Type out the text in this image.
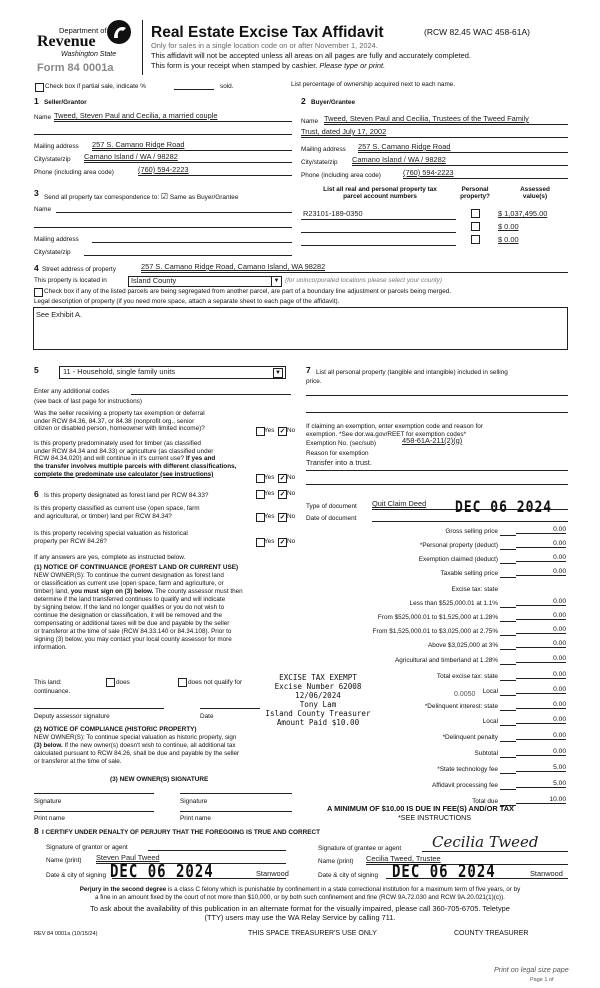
Department of
Revenue
Washington State
Form 84 0001a
Real Estate Excise Tax Affidavit	(RCW 82.45 WAC 458-61A)
Only for sales in a single location code on or after November 1, 2024.
This affidavit will not be accepted unless all areas on all pages are fully and accurately completed.
This form is your receipt when stamped by cashier. Please type or print.
Check box if partial sale, indicate %	sold.	List percentage of ownership acquired next to each name.
1 Seller/Grantor
Name Tweed, Steven Paul and Cecilia, a married couple
Mailing address 257 S. Camano Ridge Road
City/state/zip Camano Island / WA / 98282
Phone (including area code)	(760) 594-2223
2 Buyer/Grantee
Name Tweed, Steven Paul and Cecilia, Trustees of the Tweed Family
Trust, dated July 17, 2002
Mailing address 257 S. Camano Ridge Road
City/state/zip Camano Island / WA / 98282
Phone (including area code)	(760) 594-2223
3 Send all property tax correspondence to: ☑ Same as Buyer/Grantee
Name
Mailing address
City/state/zip
List all real and personal property tax
parcel account numbers
Personal
property?
Assessed
value(s)
R23101-189-0350	$ 1,037,495.00
$ 0.00
$ 0.00
4 Street address of property	257 S. Camano Ridge Road, Camano Island, WA 98282
This property is located in	Island County	▼ (for unincorporated locations please select your county)
Check box if any of the listed parcels are being segregated from another parcel, are part of a boundary line adjustment or parcels being merged.
Legal description of property (if you need more space, attach a separate sheet to each page of the affidavit).
See Exhibit A.
5	11 - Household, single family units	▼
Enter any additional codes
(see back of last page for instructions)
Was the seller receiving a property tax exemption or deferral
under RCW 84.36, 84.37, or 84.38 (nonprofit org., senior
citizen or disabled person, homeowner with limited income)?	Yes ✓ No
Is this property predominately used for timber (as classified
under RCW 84.34 and 84.33) or agriculture (as classified under
RCW 84.34.020) and will continue in it's current use? If yes and
the transfer involves multiple parcels with different classifications,
complete the predominate use calculator (see instructions)	Yes ✓ No
6 Is this property designated as forest land per RCW 84.33?	Yes ✓ No
Is this property classified as current use (open space, farm
and agricultural, or timber) land per RCW 84.34?	Yes ✓ No
Is this property receiving special valuation as historical
property per RCW 84.26?	Yes ✓ No
If any answers are yes, complete as instructed below.
(1) NOTICE OF CONTINUANCE (FOREST LAND OR CURRENT USE)
NEW OWNER(S): To continue the current designation as forest land
or classification as current use (open space, farm and agriculture, or
timber) land, you must sign on (3) below. The county assessor must then
determine if the land transferred continues to qualify and will indicate
by signing below. If the land no longer qualifies or you do not wish to
continue the designation or classification, it will be removed and the
compensating or additional taxes will be due and payable by the seller
or transferor at the time of sale (RCW 84.33.140 or 84.34.108). Prior to
signing (3) below, you may contact your local county assessor for more
information.
This land:	does	does not qualify for
continuance.
Deputy assessor signature	Date
(2) NOTICE OF COMPLIANCE (HISTORIC PROPERTY)
NEW OWNER(S): To continue special valuation as historic property, sign
(3) below. If the new owner(s) doesn't wish to continue, all additional tax
calculated pursuant to RCW 84.26, shall be due and payable by the seller
or transferor at the time of sale.
(3) NEW OWNER(S) SIGNATURE
Signature	Signature
Print name	Print name
EXCISE TAX EXEMPT
Excise Number 62008
12/06/2024
Tony Lam
Island County Treasurer
Amount Paid $10.00
7 List all personal property (tangible and intangible) included in selling
price.
If claiming an exemption, enter exemption code and reason for
exemption. *See dor.wa.gov/REET for exemption codes*
Exemption No. (sec/sub)	458-61A-211(2)(g)
Reason for exemption
Transfer into a trust.
Type of document Quit Claim Deed
Date of document
DEC 06 2024
Gross selling price	0.00
*Personal property (deduct)	0.00
Exemption claimed (deduct)	0.00
Taxable selling price	0.00
Excise tax: state
Less than $525,000.01 at 1.1%	0.00
From $525,000.01 to $1,525,000 at 1.28%	0.00
From $1,525,000.01 to $3,025,000 at 2.75%	0.00
Above $3,025,000 at 3%	0.00
Agricultural and timberland at 1.28%	0.00
Total excise tax: state	0.00
Local	0.00
*Delinquent interest: state	0.00
Local	0.00
*Delinquent penalty	0.00
Subtotal	0.00
*State technology fee	5.00
Affidavit processing fee	5.00
Total due	10.00
0.0050
A MINIMUM OF $10.00 IS DUE IN FEE(S) AND/OR TAX
*SEE INSTRUCTIONS
8 I CERTIFY UNDER PENALTY OF PERJURY THAT THE FOREGOING IS TRUE AND CORRECT
Signature of grantor or agent
Name (print) Steven Paul Tweed
Date & city of signing DEC 06 2024	Stanwood
Signature of grantee or agent Cecilia Tweed
Name (print) Cecilia Tweed, Trustee
Date & city of signing DEC 06 2024	Stanwood
Perjury in the second degree is a class C felony which is punishable by confinement in a state correctional institution for a maximum term of five years, or by
a fine in an amount fixed by the court of not more than $10,000, or by both such confinement and fine (RCW 9A.72.030 and RCW 9A.20.021(1)(c)).
To ask about the availability of this publication in an alternate format for the visually impaired, please call 360-705-6705. Teletype
(TTY) users may use the WA Relay Service by calling 711.
REV 84 0001a (10/15/24)	THIS SPACE TREASURER'S USE ONLY	COUNTY TREASURER
Print on legal size pape
Page 1 of
